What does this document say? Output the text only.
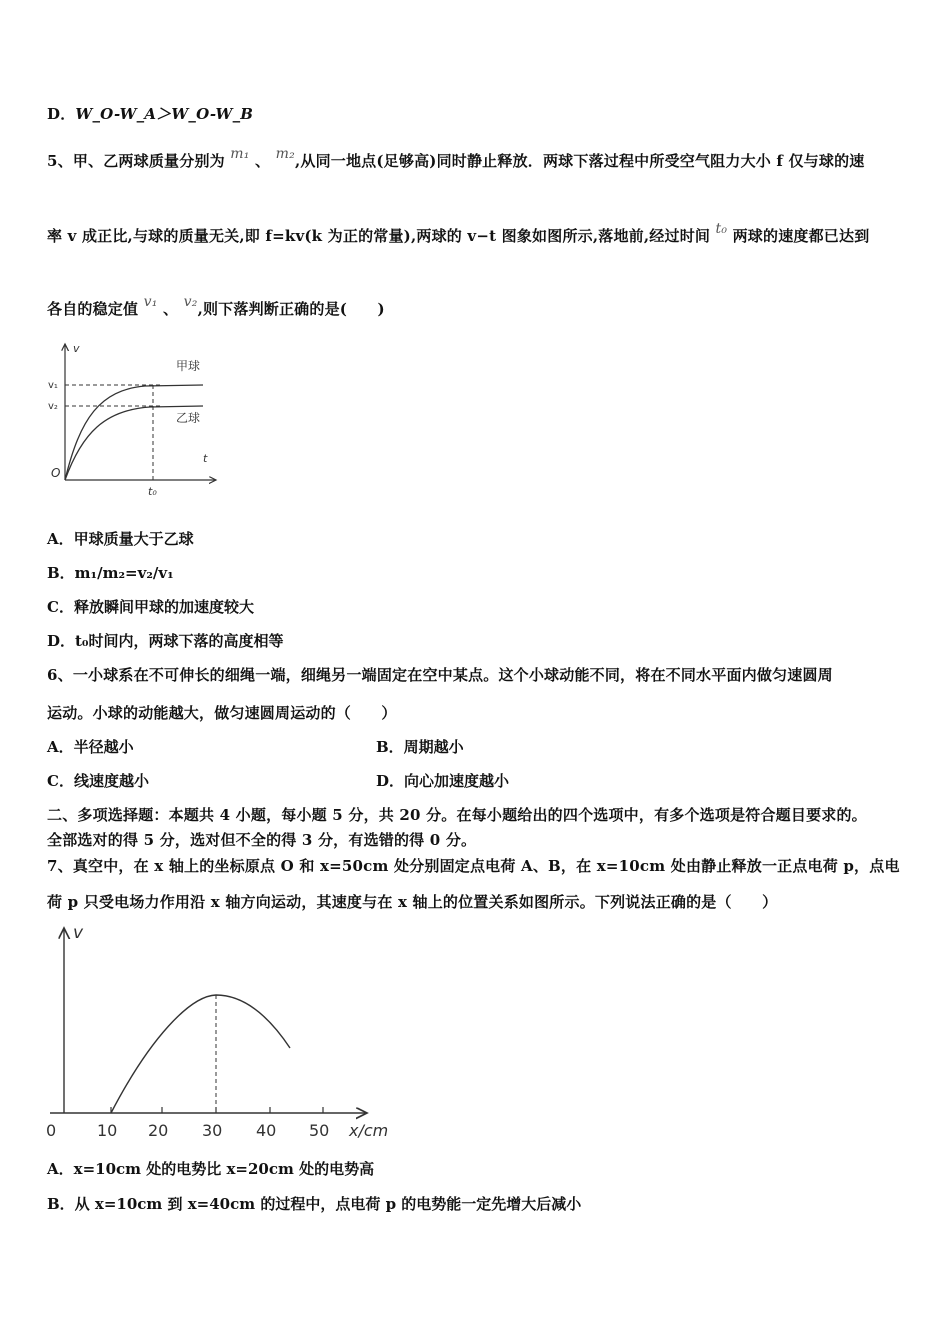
D．W_O-W_A＞W_O-W_B
5、甲、乙两球质量分别为 m₁ 、 m₂,从同一地点(足够高)同时静止释放．两球下落过程中所受空气阻力大小 f 仅与球的速
率 v 成正比,与球的质量无关,即 f=kv(k 为正的常量),两球的 v−t 图象如图所示,落地前,经过时间 t₀ 两球的速度都已达到
各自的稳定值 v₁ 、 v₂,则下落判断正确的是(　　)
v
t
O
v₁
v₂
t₀
甲球
乙球
A．甲球质量大于乙球
B．m₁/m₂=v₂/v₁
C．释放瞬间甲球的加速度较大
D．t₀时间内，两球下落的高度相等
6、一小球系在不可伸长的细绳一端，细绳另一端固定在空中某点。这个小球动能不同，将在不同水平面内做匀速圆周
运动。小球的动能越大，做匀速圆周运动的（　　）
A．半径越小	B．周期越小
C．线速度越小	D．向心加速度越小
二、多项选择题：本题共 4 小题，每小题 5 分，共 20 分。在每小题给出的四个选项中，有多个选项是符合题目要求的。
全部选对的得 5 分，选对但不全的得 3 分，有选错的得 0 分。
7、真空中，在 x 轴上的坐标原点 O 和 x=50cm 处分别固定点电荷 A、B，在 x=10cm 处由静止释放一正点电荷 p，点电
荷 p 只受电场力作用沿 x 轴方向运动，其速度与在 x 轴上的位置关系如图所示。下列说法正确的是（　　）
v
x/cm
0	10 20 30 40 50
A．x=10cm 处的电势比 x=20cm 处的电势高
B．从 x=10cm 到 x=40cm 的过程中，点电荷 p 的电势能一定先增大后减小
